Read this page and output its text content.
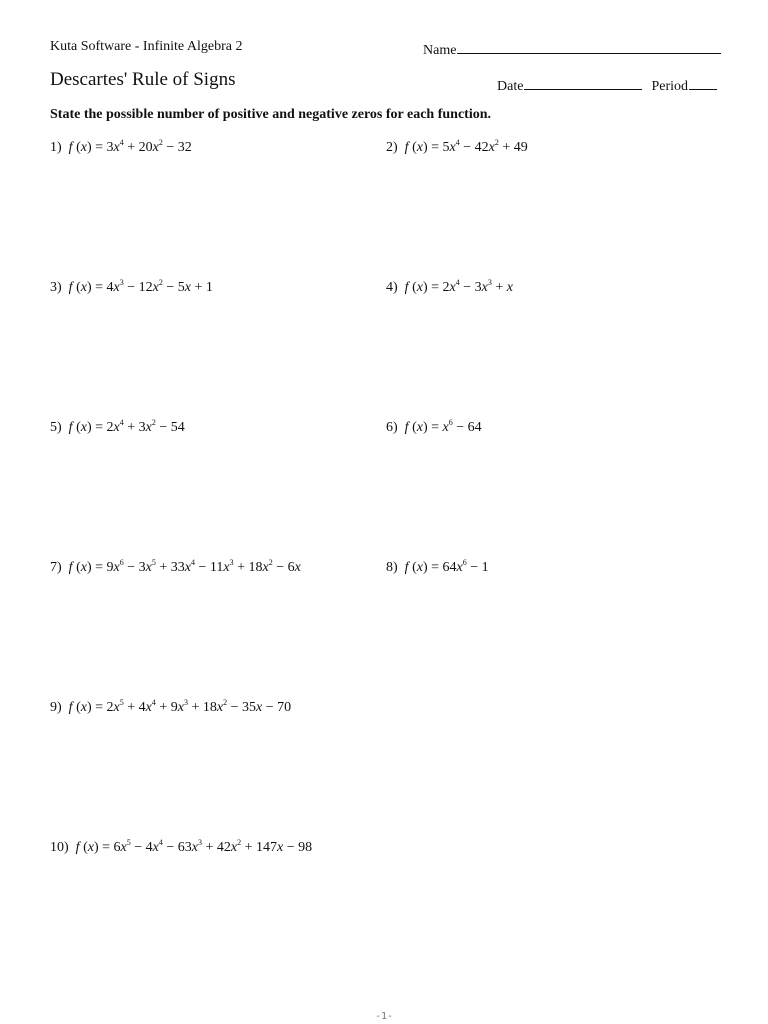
Kuta Software - Infinite Algebra 2	Name
Descartes' Rule of Signs	Date	Period
State the possible number of positive and negative zeros for each function.
1) f $(x) = 3x^4 + 20x^2 - 32$	2) f $(x) = 5x^4 - 42x^2 + 49$
3) f $(x) = 4x^3 - 12x^2 - 5x + 1$	4) f $(x) = 2x^4 - 3x^3 + x$
5) f $(x) = 2x^4 + 3x^2 - 54$	6) f $(x) = x^6 - 64$
7) f $(x) = 9x^6 - 3x^5 + 33x^4 - 11x^3 + 18x^2 - 6x$	8) f $(x) = 64x^6 - 1$
9) f $(x) = 2x^5 + 4x^4 + 9x^3 + 18x^2 - 35x - 70$
10) f $(x) = 6x^5 - 4x^4 - 63x^3 + 42x^2 + 147x - 98$
-1-
